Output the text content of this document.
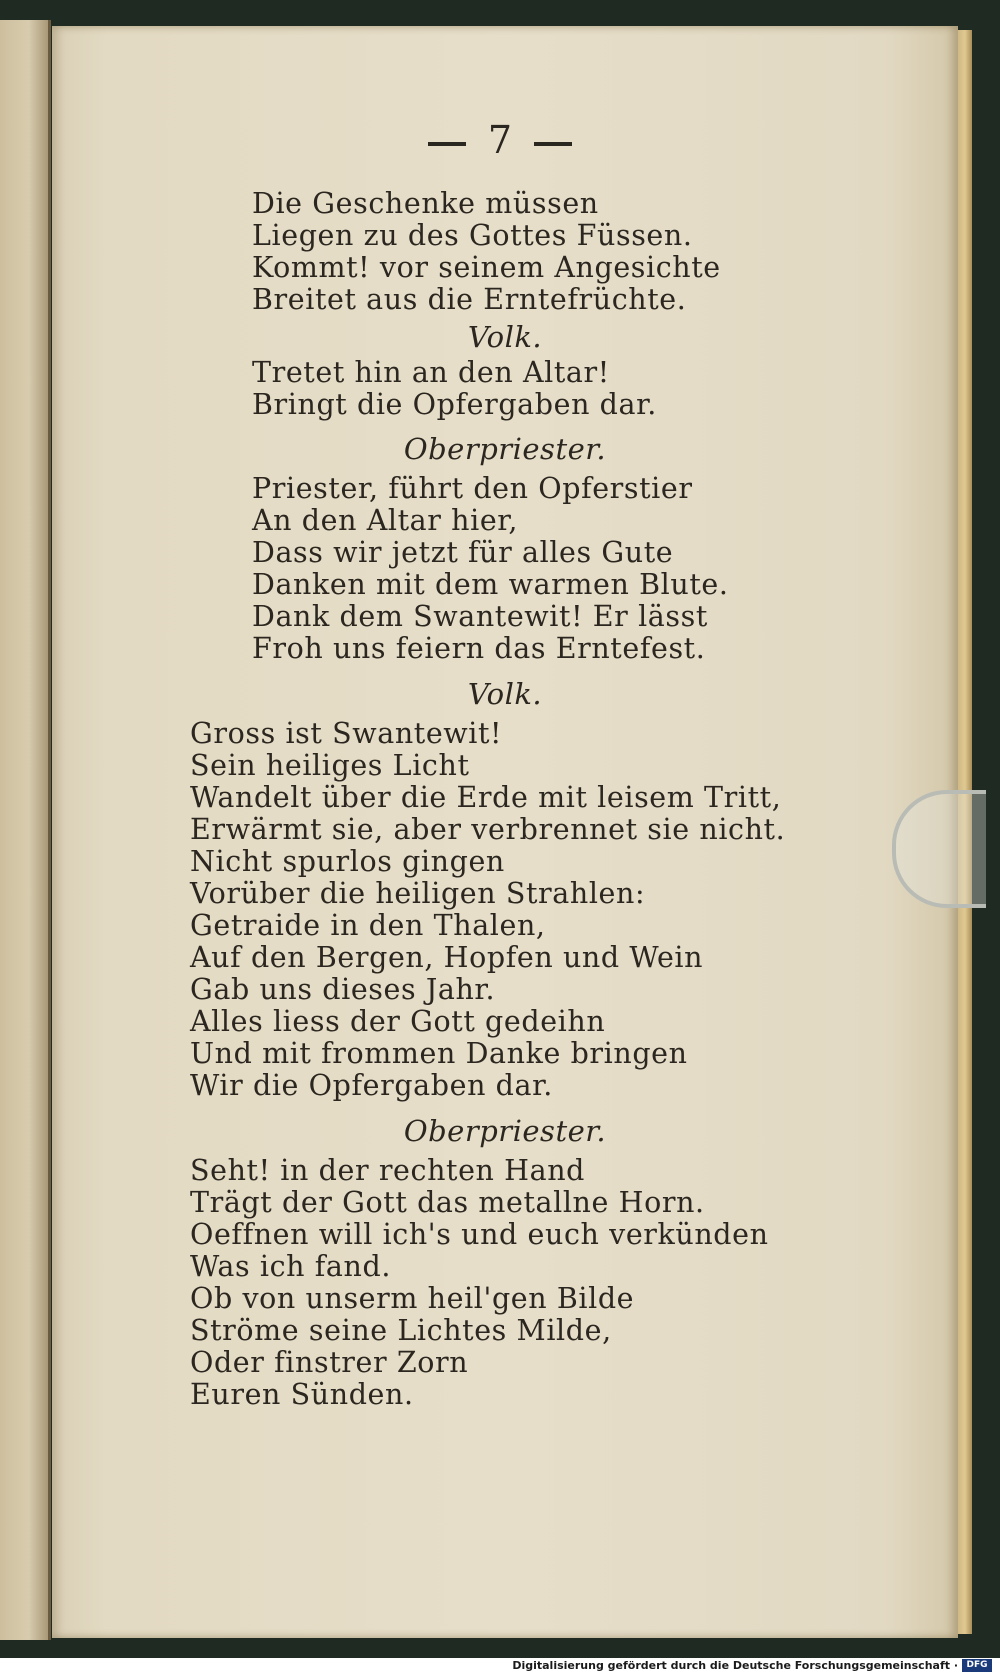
7
Die Geschenke müssen
Liegen zu des Gottes Füssen.
Kommt! vor seinem Angesichte
Breitet aus die Erntefrüchte.
Volk.
Tretet hin an den Altar!
Bringt die Opfergaben dar.
Oberpriester.
Priester, führt den Opferstier
An den Altar hier,
Dass wir jetzt für alles Gute
Danken mit dem warmen Blute.
Dank dem Swantewit! Er lässt
Froh uns feiern das Erntefest.
Volk.
Gross ist Swantewit!
Sein heiliges Licht
Wandelt über die Erde mit leisem Tritt,
Erwärmt sie, aber verbrennet sie nicht.
Nicht spurlos gingen
Vorüber die heiligen Strahlen:
Getraide in den Thalen,
Auf den Bergen, Hopfen und Wein
Gab uns dieses Jahr.
Alles liess der Gott gedeihn
Und mit frommen Danke bringen
Wir die Opfergaben dar.
Oberpriester.
Seht! in der rechten Hand
Trägt der Gott das metallne Horn.
Oeffnen will ich's und euch verkünden
Was ich fand.
Ob von unserm heil'gen Bilde
Ströme seine Lichtes Milde,
Oder finstrer Zorn
Euren Sünden.
Digitalisierung gefördert durch die Deutsche Forschungsgemeinschaft · DFG
